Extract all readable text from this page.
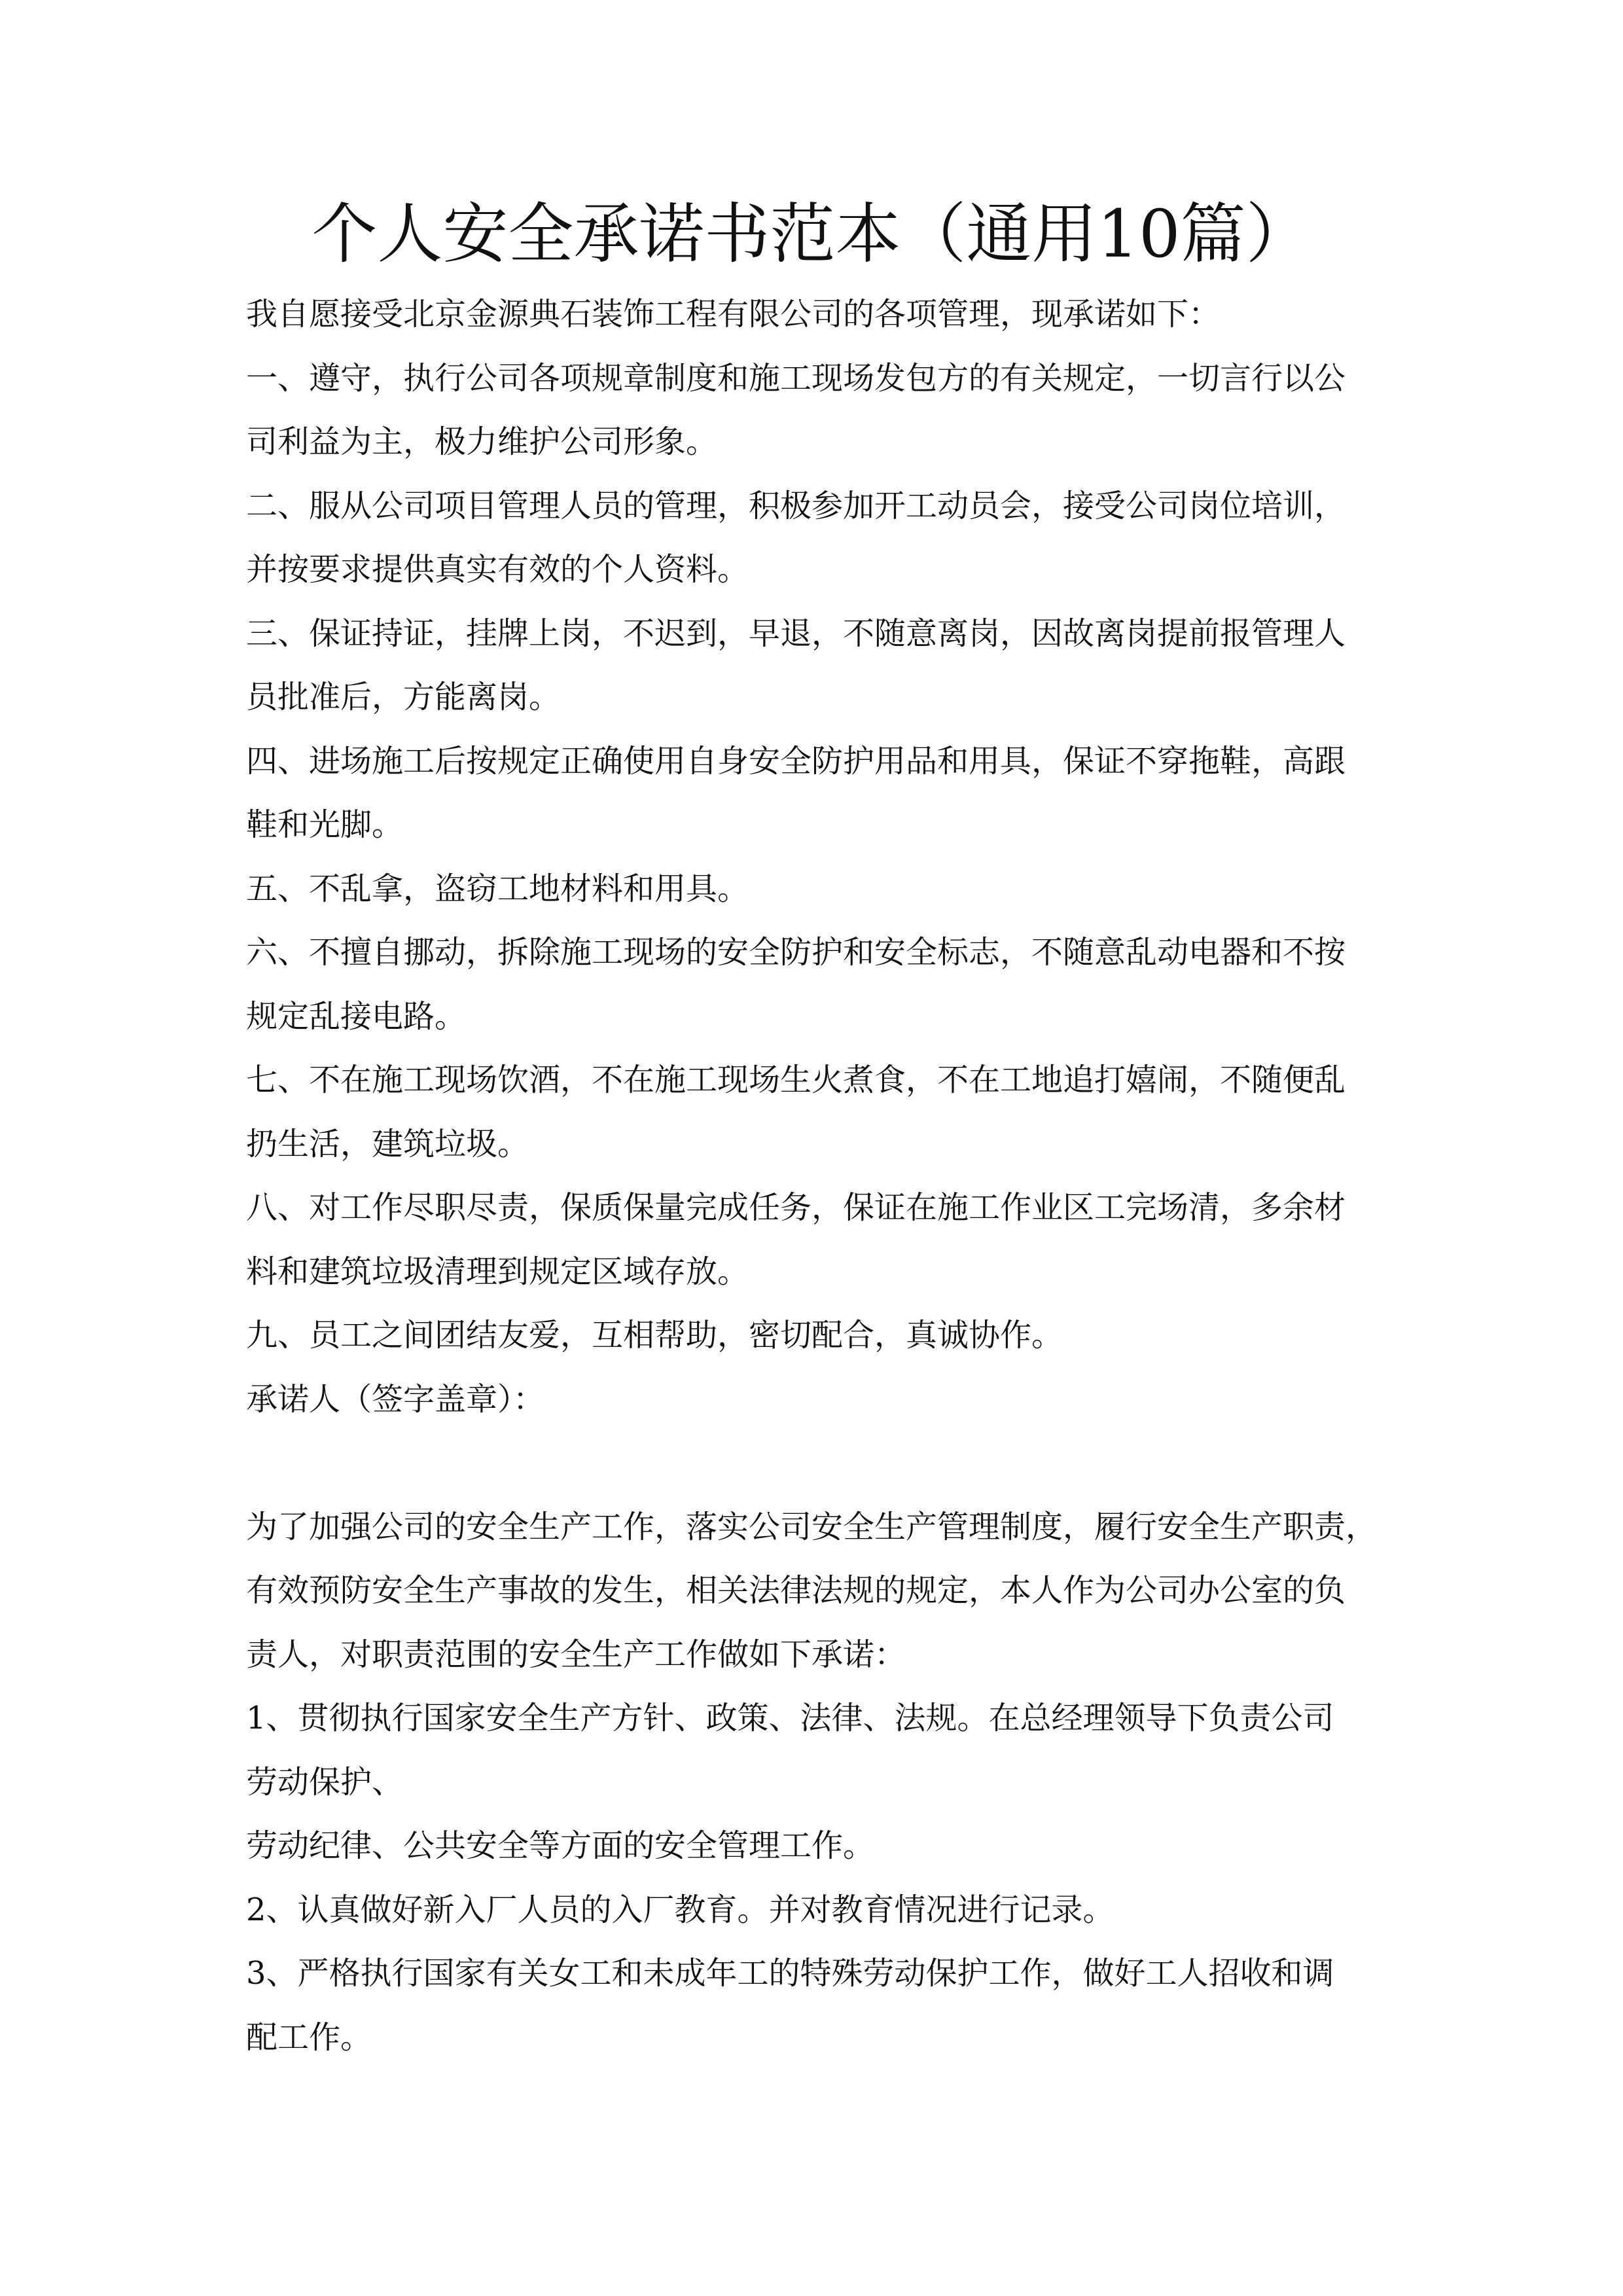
个人安全承诺书范本（通用10篇）
我自愿接受北京金源典石装饰工程有限公司的各项管理，现承诺如下：
一、遵守，执行公司各项规章制度和施工现场发包方的有关规定，一切言行以公
司利益为主，极力维护公司形象。
二、服从公司项目管理人员的管理，积极参加开工动员会，接受公司岗位培训，
并按要求提供真实有效的个人资料。
三、保证持证，挂牌上岗，不迟到，早退，不随意离岗，因故离岗提前报管理人
员批准后，方能离岗。
四、进场施工后按规定正确使用自身安全防护用品和用具，保证不穿拖鞋，高跟
鞋和光脚。
五、不乱拿，盗窃工地材料和用具。
六、不擅自挪动，拆除施工现场的安全防护和安全标志，不随意乱动电器和不按
规定乱接电路。
七、不在施工现场饮酒，不在施工现场生火煮食，不在工地追打嬉闹，不随便乱
扔生活，建筑垃圾。
八、对工作尽职尽责，保质保量完成任务，保证在施工作业区工完场清，多余材
料和建筑垃圾清理到规定区域存放。
九、员工之间团结友爱，互相帮助，密切配合，真诚协作。
承诺人（签字盖章）：
为了加强公司的安全生产工作，落实公司安全生产管理制度，履行安全生产职责，
有效预防安全生产事故的发生，相关法律法规的规定，本人作为公司办公室的负
责人，对职责范围的安全生产工作做如下承诺：
1、贯彻执行国家安全生产方针、政策、法律、法规。在总经理领导下负责公司
劳动保护、
劳动纪律、公共安全等方面的安全管理工作。
2、认真做好新入厂人员的入厂教育。并对教育情况进行记录。
3、严格执行国家有关女工和未成年工的特殊劳动保护工作，做好工人招收和调
配工作。
